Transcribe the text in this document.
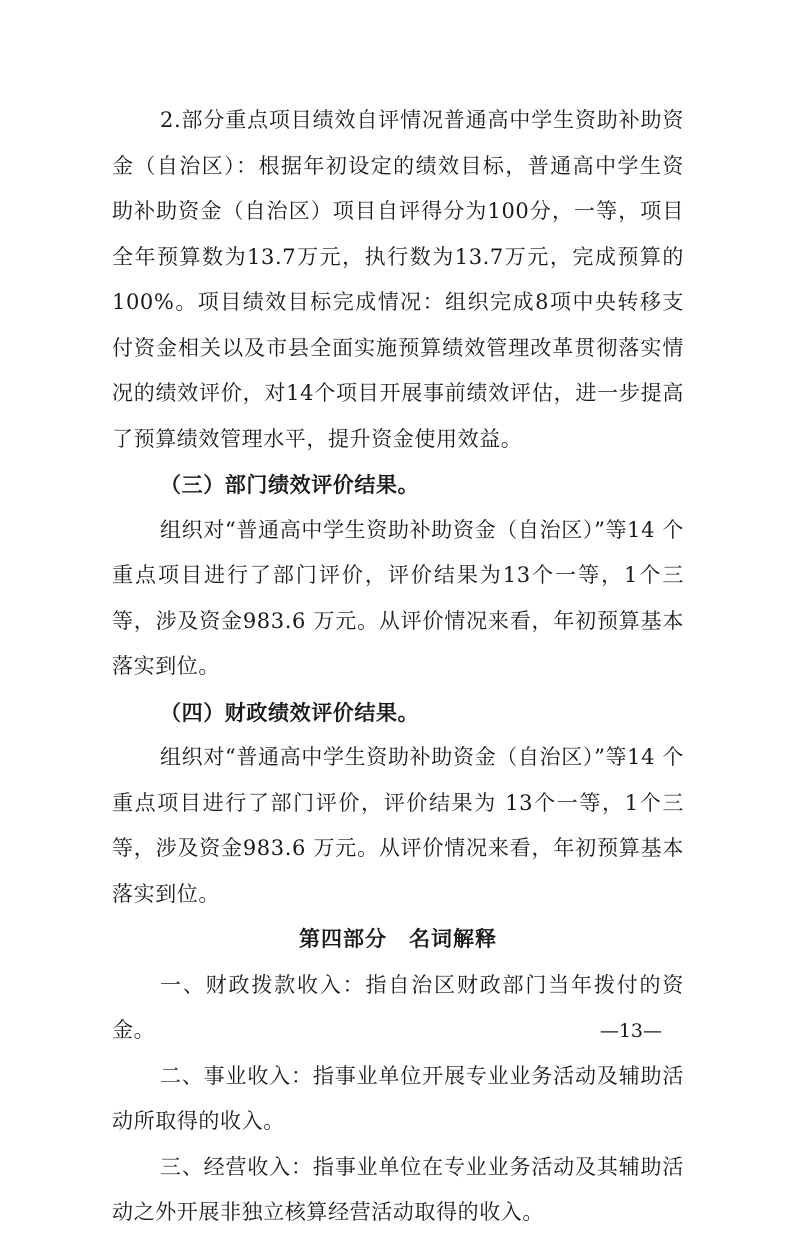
2.部分重点项目绩效自评情况普通高中学生资助补助资金（自治区）：根据年初设定的绩效目标，普通高中学生资助补助资金（自治区）项目自评得分为100分，一等，项目全年预算数为13.7万元，执行数为13.7万元，完成预算的100%。项目绩效目标完成情况：组织完成8项中央转移支付资金相关以及市县全面实施预算绩效管理改革贯彻落实情况的绩效评价，对14个项目开展事前绩效评估，进一步提高了预算绩效管理水平，提升资金使用效益。

（三）部门绩效评价结果。

组织对“普通高中学生资助补助资金（自治区）”等14 个重点项目进行了部门评价，评价结果为13个一等，1个三等，涉及资金983.6 万元。从评价情况来看，年初预算基本落实到位。

（四）财政绩效评价结果。

组织对“普通高中学生资助补助资金（自治区）”等14 个重点项目进行了部门评价，评价结果为 13个一等，1个三等，涉及资金983.6 万元。从评价情况来看，年初预算基本落实到位。

第四部分　名词解释

一、财政拨款收入：指自治区财政部门当年拨付的资金。

二、事业收入：指事业单位开展专业业务活动及辅助活动所取得的收入。

三、经营收入：指事业单位在专业业务活动及其辅助活动之外开展非独立核算经营活动取得的收入。

—13—
